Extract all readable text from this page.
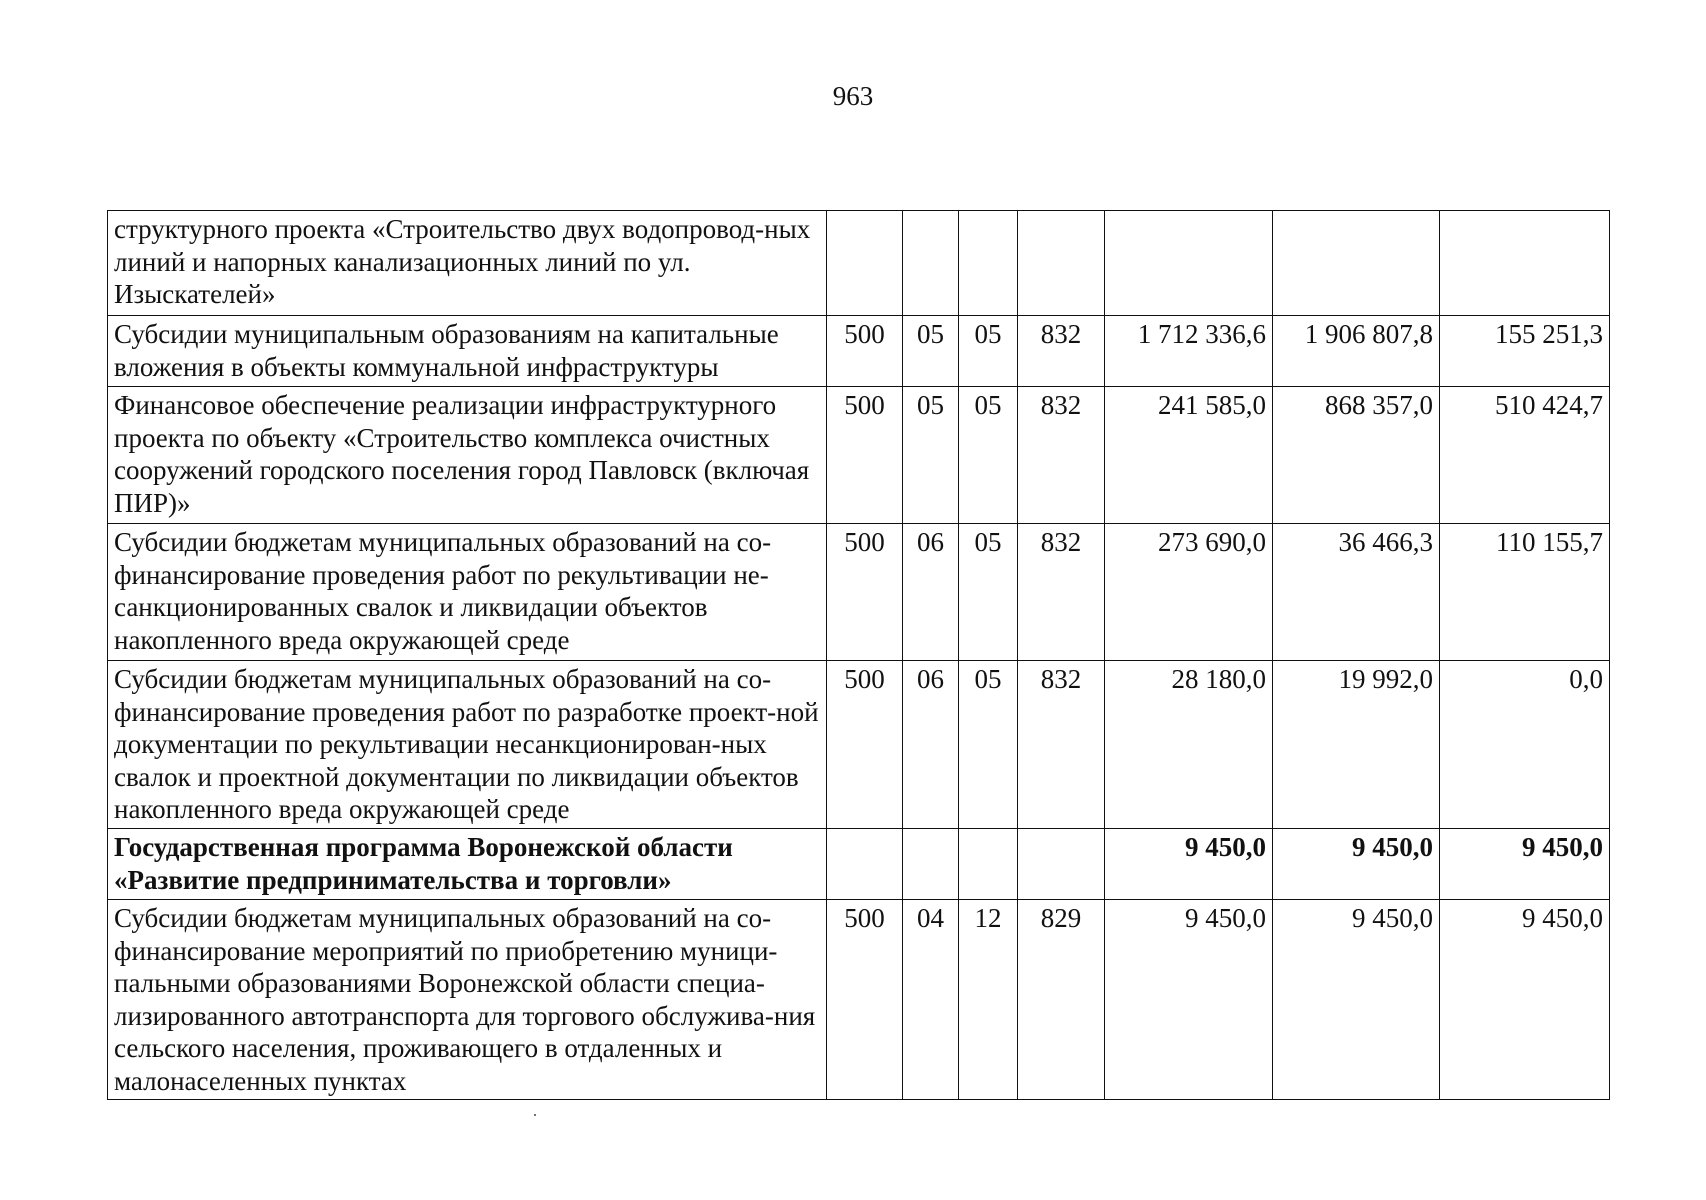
963
структурного проекта «Строительство двух водопровод-ных линий и напорных канализационных линий по ул. Изыскателей»							
Субсидии муниципальным образованиям на капитальные вложения в объекты коммунальной инфраструктуры	500	05	05	832	1 712 336,6	1 906 807,8	155 251,3
Финансовое обеспечение реализации инфраструктурного проекта по объекту «Строительство комплекса очистных сооружений городского поселения город Павловск (включая ПИР)»	500	05	05	832	241 585,0	868 357,0	510 424,7
Субсидии бюджетам муниципальных образований на со-финансирование проведения работ по рекультивации не-санкционированных свалок и ликвидации объектов накопленного вреда окружающей среде	500	06	05	832	273 690,0	36 466,3	110 155,7
Субсидии бюджетам муниципальных образований на со-финансирование проведения работ по разработке проект-ной документации по рекультивации несанкционирован-ных свалок и проектной документации по ликвидации объектов накопленного вреда окружающей среде	500	06	05	832	28 180,0	19 992,0	0,0
Государственная программа Воронежской области «Развитие предпринимательства и торговли»					9 450,0	9 450,0	9 450,0
Субсидии бюджетам муниципальных образований на со-финансирование мероприятий по приобретению муници-пальными образованиями Воронежской области специа-лизированного автотранспорта для торгового обслужива-ния сельского населения, проживающего в отдаленных и малонаселенных пунктах	500	04	12	829	9 450,0	9 450,0	9 450,0
